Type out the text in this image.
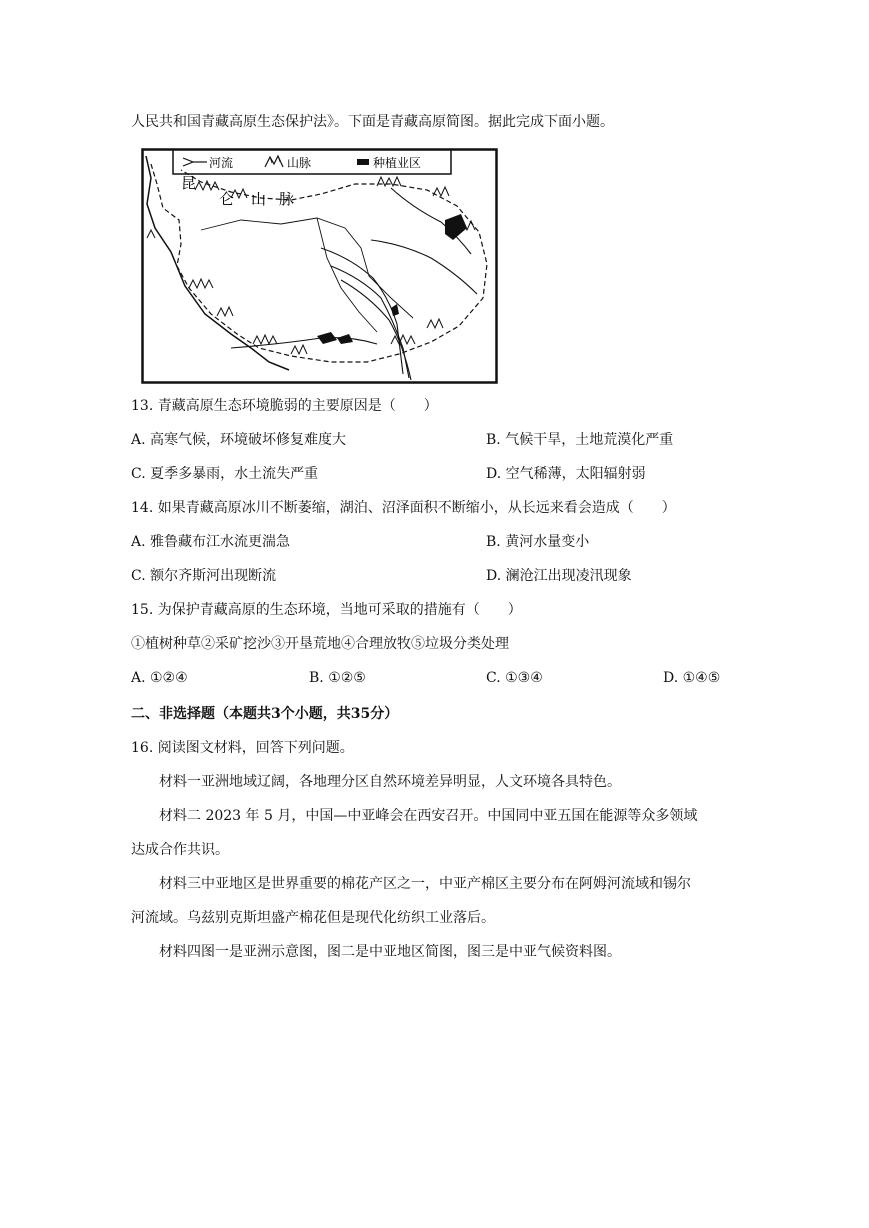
人民共和国青藏高原生态保护法》。下面是青藏高原简图。据此完成下面小题。
河流	山脉	种植业区
昆
仑 山 脉
13. 青藏高原生态环境脆弱的主要原因是（　　）
A. 高寒气候，环境破坏修复难度大	B. 气候干旱，土地荒漠化严重
C. 夏季多暴雨，水土流失严重	D. 空气稀薄，太阳辐射弱
14. 如果青藏高原冰川不断萎缩，湖泊、沼泽面积不断缩小，从长远来看会造成（　　）
A. 雅鲁藏布江水流更湍急	B. 黄河水量变小
C. 额尔齐斯河出现断流	D. 澜沧江出现凌汛现象
15. 为保护青藏高原的生态环境，当地可采取的措施有（　　）
①植树种草②采矿挖沙③开垦荒地④合理放牧⑤垃圾分类处理
A. ①②④	B. ①②⑤	C. ①③④	D. ①④⑤
二、非选择题（本题共3个小题，共35分）
16. 阅读图文材料，回答下列问题。
材料一亚洲地域辽阔，各地理分区自然环境差异明显，人文环境各具特色。
材料二 2023 年 5 月，中国—中亚峰会在西安召开。中国同中亚五国在能源等众多领域
达成合作共识。
材料三中亚地区是世界重要的棉花产区之一，中亚产棉区主要分布在阿姆河流域和锡尔
河流域。乌兹别克斯坦盛产棉花但是现代化纺织工业落后。
材料四图一是亚洲示意图，图二是中亚地区简图，图三是中亚气候资料图。
